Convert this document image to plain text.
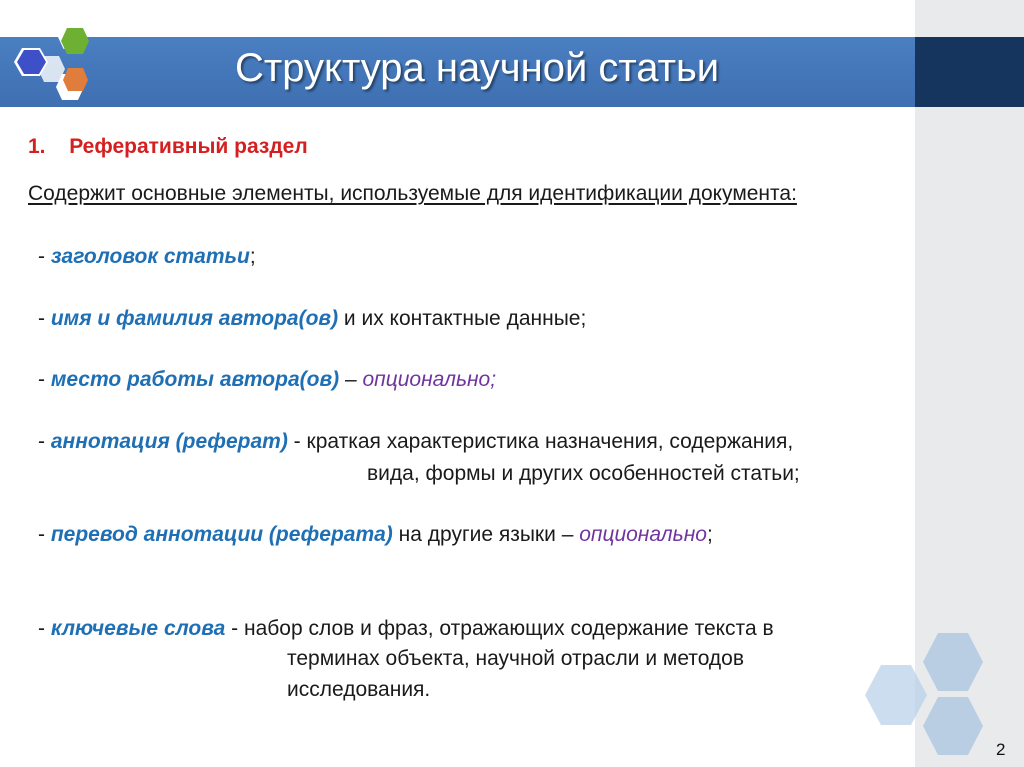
Структура научной статьи
1. Реферативный раздел
Содержит основные элементы, используемые для идентификации документа:
- заголовок статьи;
- имя и фамилия автора(ов) и их контактные данные;
- место работы автора(ов) – опционально;
- аннотация (реферат) - краткая характеристика назначения, содержания,
вида, формы и других особенностей статьи;
- перевод аннотации (реферата) на другие языки – опционально;
- ключевые слова - набор слов и фраз, отражающих содержание текста в
терминах объекта, научной отрасли и методов
исследования.
2
